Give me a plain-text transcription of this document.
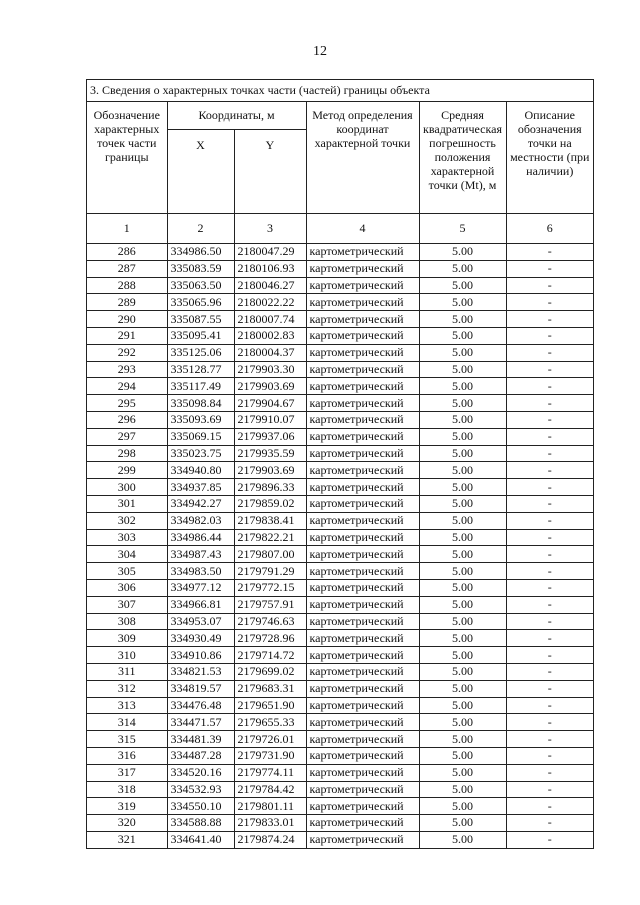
12
3. Сведения о характерных точках части (частей) границы объекта
Обозначение характерных точек части границы	Координаты, м		Метод определения координат характерной точки	Средняя квадратическая погрешность положения характерной точки (Mt), м	Описание обозначения точки на местности (при наличии)
	X	Y			
1	2	3	4	5	6
286	334986.50	2180047.29	картометрический	5.00	-
287	335083.59	2180106.93	картометрический	5.00	-
288	335063.50	2180046.27	картометрический	5.00	-
289	335065.96	2180022.22	картометрический	5.00	-
290	335087.55	2180007.74	картометрический	5.00	-
291	335095.41	2180002.83	картометрический	5.00	-
292	335125.06	2180004.37	картометрический	5.00	-
293	335128.77	2179903.30	картометрический	5.00	-
294	335117.49	2179903.69	картометрический	5.00	-
295	335098.84	2179904.67	картометрический	5.00	-
296	335093.69	2179910.07	картометрический	5.00	-
297	335069.15	2179937.06	картометрический	5.00	-
298	335023.75	2179935.59	картометрический	5.00	-
299	334940.80	2179903.69	картометрический	5.00	-
300	334937.85	2179896.33	картометрический	5.00	-
301	334942.27	2179859.02	картометрический	5.00	-
302	334982.03	2179838.41	картометрический	5.00	-
303	334986.44	2179822.21	картометрический	5.00	-
304	334987.43	2179807.00	картометрический	5.00	-
305	334983.50	2179791.29	картометрический	5.00	-
306	334977.12	2179772.15	картометрический	5.00	-
307	334966.81	2179757.91	картометрический	5.00	-
308	334953.07	2179746.63	картометрический	5.00	-
309	334930.49	2179728.96	картометрический	5.00	-
310	334910.86	2179714.72	картометрический	5.00	-
311	334821.53	2179699.02	картометрический	5.00	-
312	334819.57	2179683.31	картометрический	5.00	-
313	334476.48	2179651.90	картометрический	5.00	-
314	334471.57	2179655.33	картометрический	5.00	-
315	334481.39	2179726.01	картометрический	5.00	-
316	334487.28	2179731.90	картометрический	5.00	-
317	334520.16	2179774.11	картометрический	5.00	-
318	334532.93	2179784.42	картометрический	5.00	-
319	334550.10	2179801.11	картометрический	5.00	-
320	334588.88	2179833.01	картометрический	5.00	-
321	334641.40	2179874.24	картометрический	5.00	-
